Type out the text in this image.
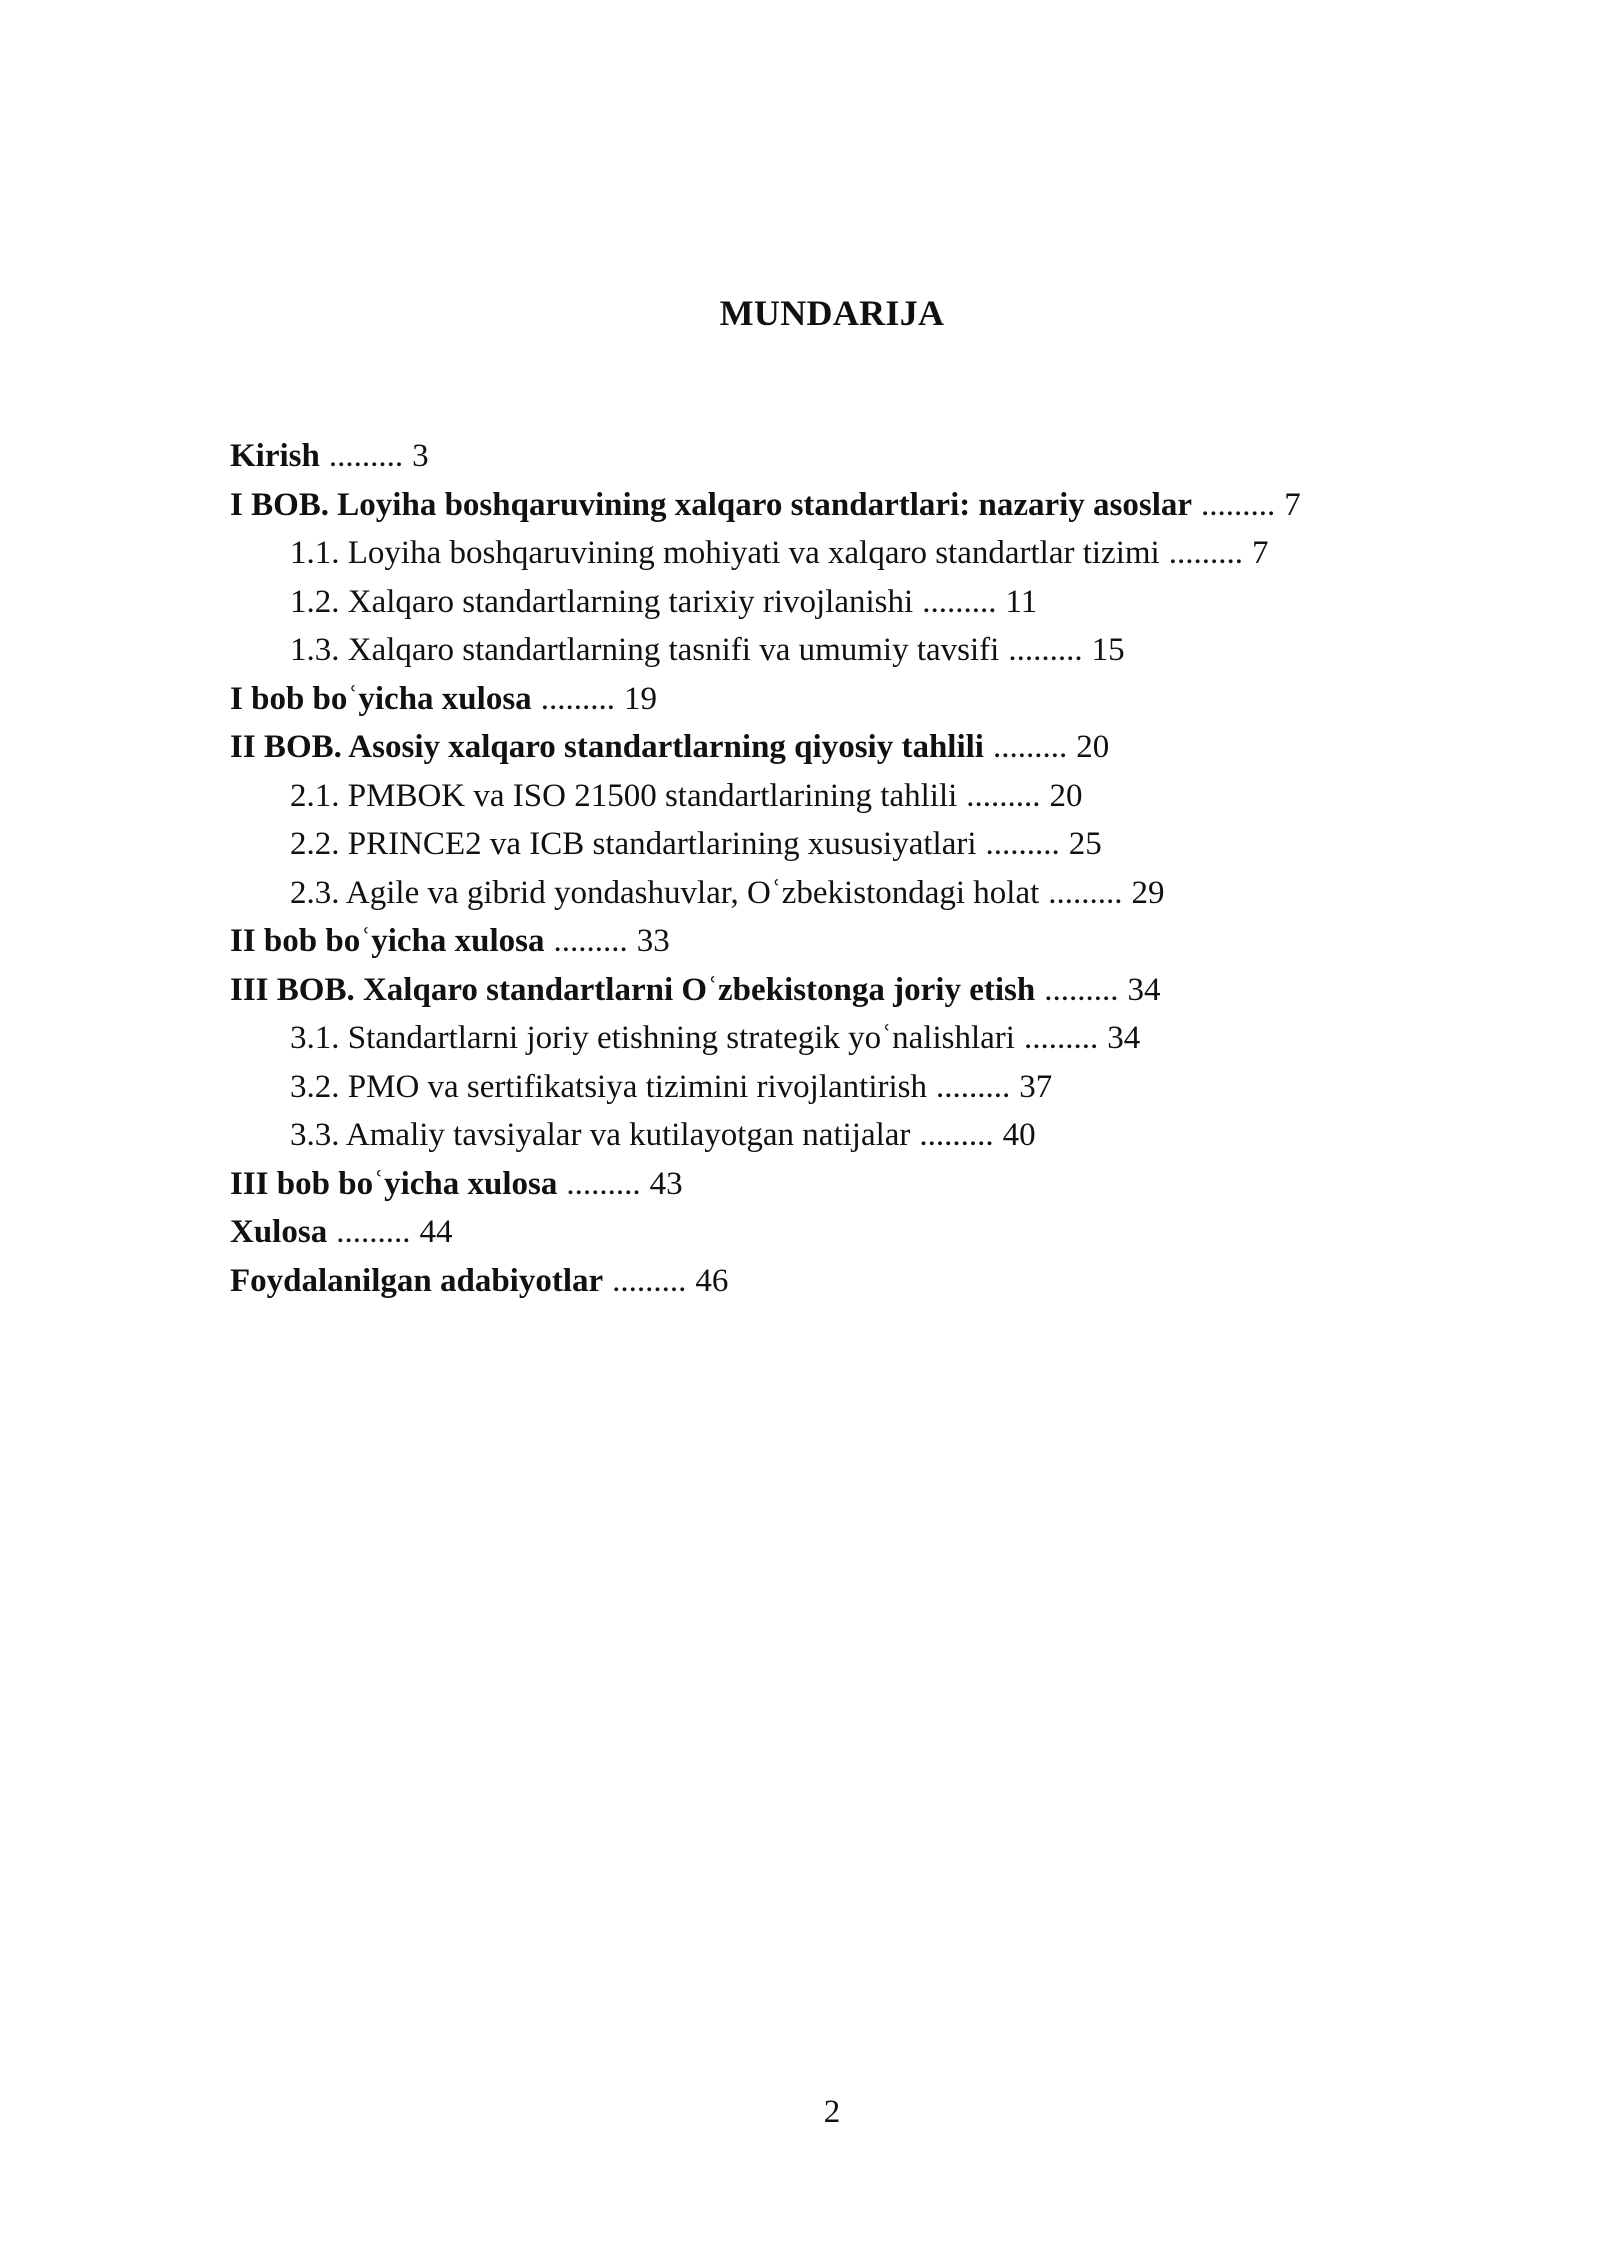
MUNDARIJA
Kirish ......... 3
I BOB. Loyiha boshqaruvining xalqaro standartlari: nazariy asoslar ......... 7
1.1. Loyiha boshqaruvining mohiyati va xalqaro standartlar tizimi ......... 7
1.2. Xalqaro standartlarning tarixiy rivojlanishi ......... 11
1.3. Xalqaro standartlarning tasnifi va umumiy tavsifi ......... 15
I bob boʿyicha xulosa ......... 19
II BOB. Asosiy xalqaro standartlarning qiyosiy tahlili ......... 20
2.1. PMBOK va ISO 21500 standartlarining tahlili ......... 20
2.2. PRINCE2 va ICB standartlarining xususiyatlari ......... 25
2.3. Agile va gibrid yondashuvlar, Oʿzbekistondagi holat ......... 29
II bob boʿyicha xulosa ......... 33
III BOB. Xalqaro standartlarni Oʿzbekistonga joriy etish ......... 34
3.1. Standartlarni joriy etishning strategik yoʿnalishlari ......... 34
3.2. PMO va sertifikatsiya tizimini rivojlantirish ......... 37
3.3. Amaliy tavsiyalar va kutilayotgan natijalar ......... 40
III bob boʿyicha xulosa ......... 43
Xulosa ......... 44
Foydalanilgan adabiyotlar ......... 46
2
